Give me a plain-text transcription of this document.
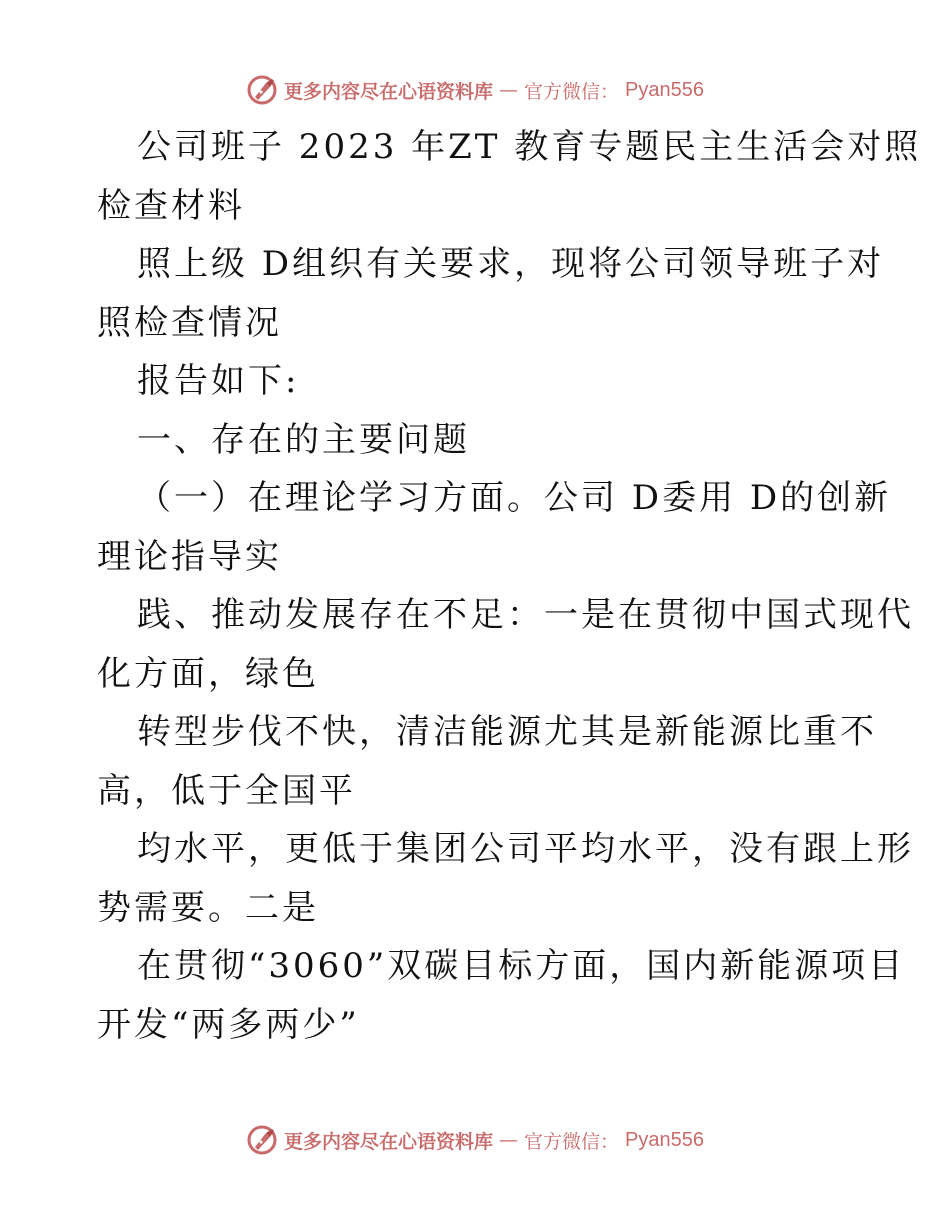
更多内容尽在心语资料库 — 官方微信： Pyan556
公司班子 2023 年ZT 教育专题民主生活会对照
检查材料
照上级 D组织有关要求，现将公司领导班子对
照检查情况
报告如下:
一、存在的主要问题
（一）在理论学习方面。公司 D委用 D的创新
理论指导实
践、推动发展存在不足：一是在贯彻中国式现代
化方面，绿色
转型步伐不快，清洁能源尤其是新能源比重不
高，低于全国平
均水平，更低于集团公司平均水平，没有跟上形
势需要。二是
在贯彻“3060”双碳目标方面，国内新能源项目
开发“两多两少”
更多内容尽在心语资料库 — 官方微信： Pyan556
